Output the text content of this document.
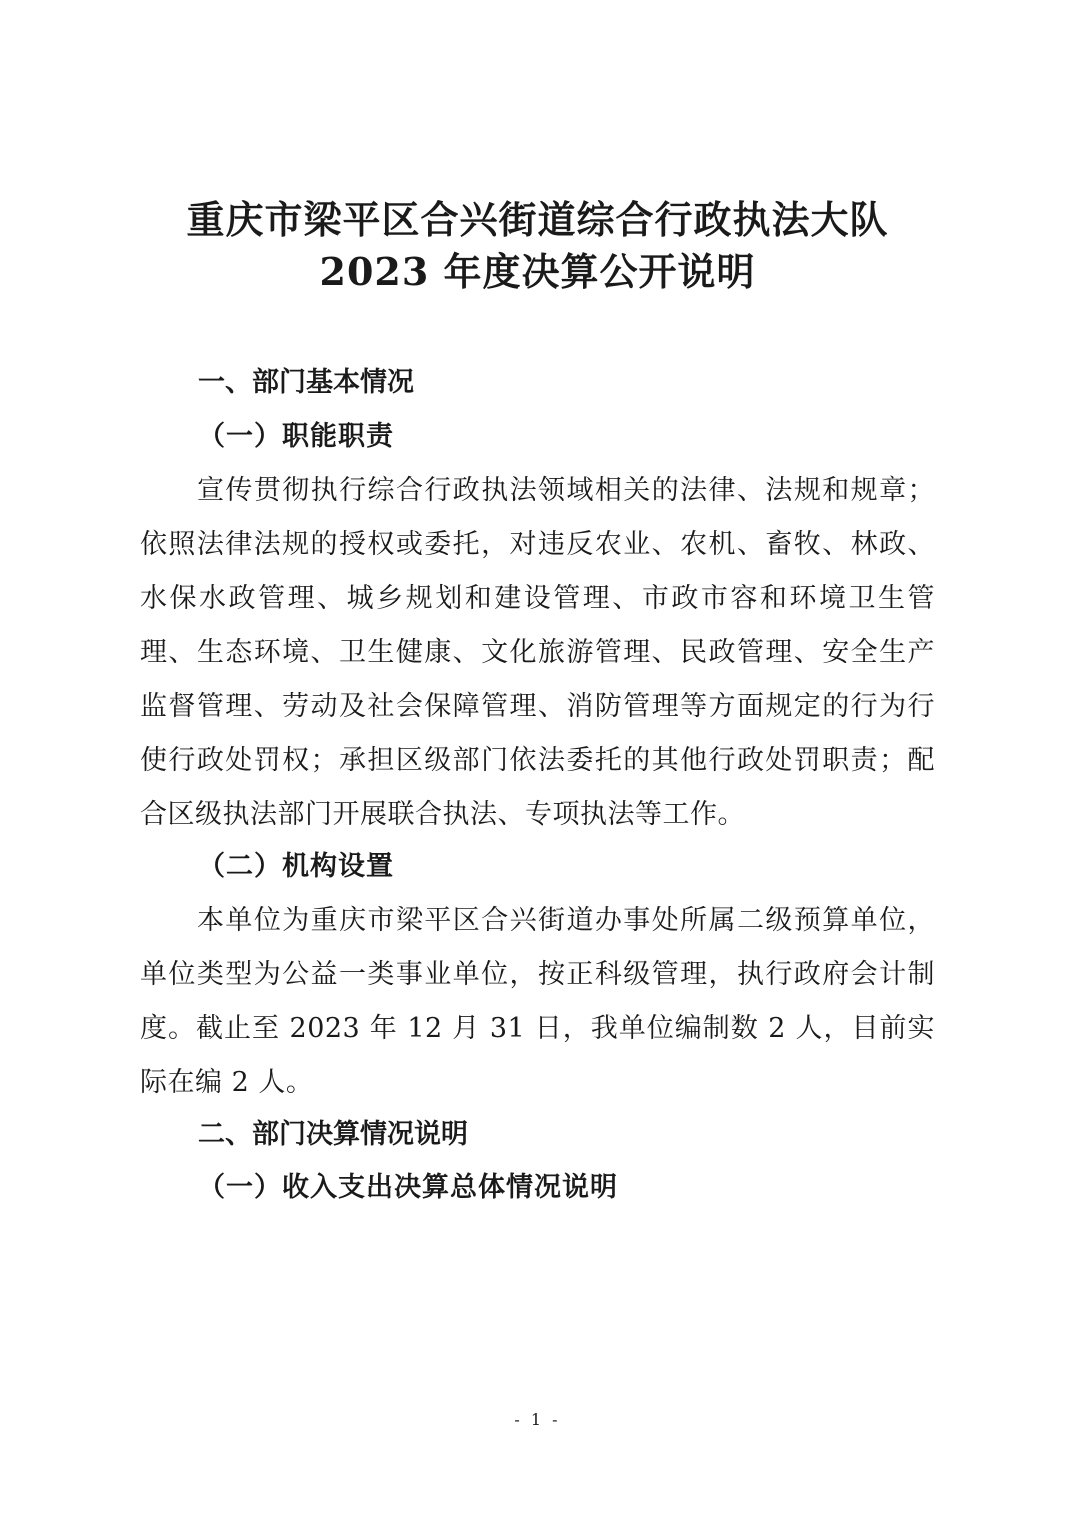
重庆市梁平区合兴街道综合行政执法大队
2023 年度决算公开说明
一、部门基本情况
（一）职能职责

宣传贯彻执行综合行政执法领域相关的法律、法规和规章；依照法律法规的授权或委托，对违反农业、农机、畜牧、林政、水保水政管理、城乡规划和建设管理、市政市容和环境卫生管理、生态环境、卫生健康、文化旅游管理、民政管理、安全生产监督管理、劳动及社会保障管理、消防管理等方面规定的行为行使行政处罚权；承担区级部门依法委托的其他行政处罚职责；配合区级执法部门开展联合执法、专项执法等工作。

（二）机构设置

本单位为重庆市梁平区合兴街道办事处所属二级预算单位，单位类型为公益一类事业单位，按正科级管理，执行政府会计制度。截止至 2023 年 12 月 31 日，我单位编制数 2 人，目前实际在编 2 人。

二、部门决算情况说明
（一）收入支出决算总体情况说明
- 1 -
